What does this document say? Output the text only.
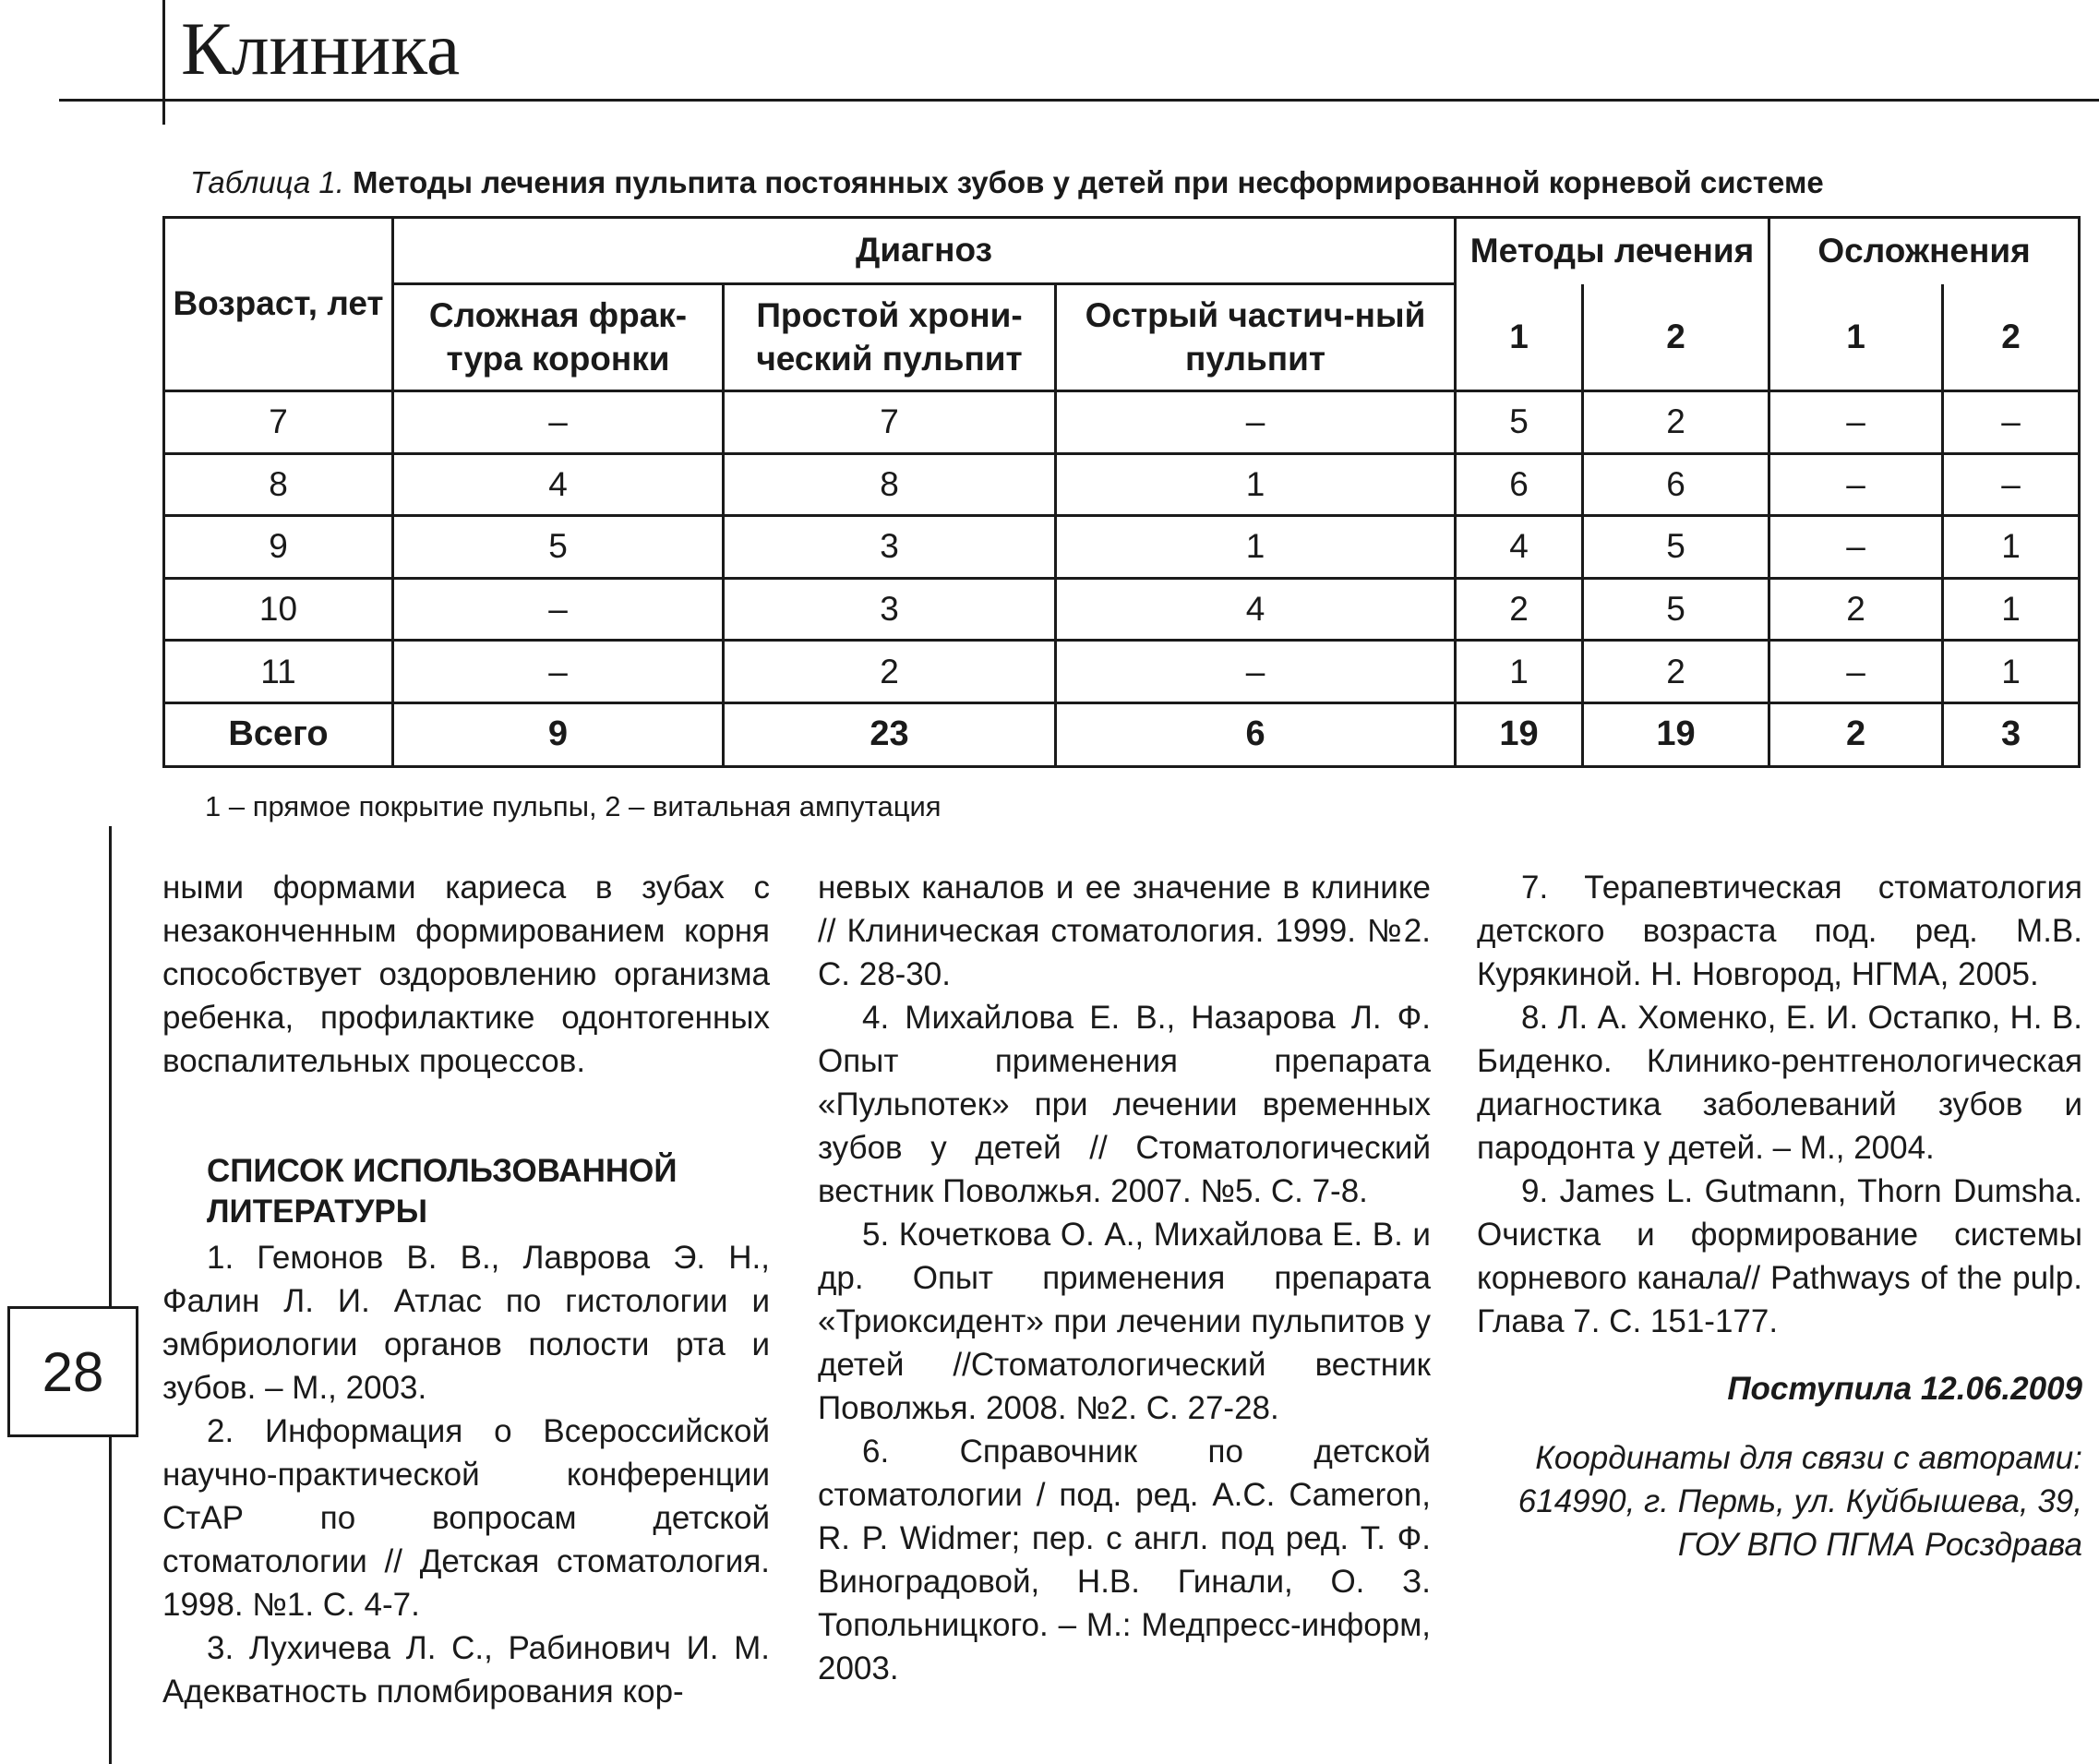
Клиника
Таблица 1. Методы лечения пульпита постоянных зубов у детей при несформированной корневой системе
Возраст, лет	Диагноз			Методы лечения		Осложнения	
	Сложная фрак-тура коронки	Простой хрони-ческий пульпит	Острый частич-ный пульпит	1	2	1	2
7	–	7	–	5	2	–	–
8	4	8	1	6	6	–	–
9	5	3	1	4	5	–	1
10	–	3	4	2	5	2	1
11	–	2	–	1	2	–	1
Всего	9	23	6	19	19	2	3
1 – прямое покрытие пульпы, 2 – витальная ампутация
28

ными формами кариеса в зубах с незаконченным формированием корня способствует оздоровлению организма ребенка, профилактике одонтогенных воспалительных процессов.

СПИСОК ИСПОЛЬЗОВАННОЙ ЛИТЕРАТУРЫ

1. Гемонов В. В., Лаврова Э. Н., Фалин Л. И. Атлас по гистологии и эмбриологии органов полости рта и зубов. – М., 2003.

2. Информация о Всероссийской научно-практической конференции СтАР по вопросам детской стоматологии // Детская стоматология. 1998. №1. С. 4-7.

3. Лухичева Л. С., Рабинович И. М. Адекватность пломбирования кор-

невых каналов и ее значение в клинике // Клиническая стоматология. 1999. №2. С. 28-30.

4. Михайлова Е. В., Назарова Л. Ф. Опыт применения препарата «Пульпотек» при лечении временных зубов у детей // Стоматологический вестник Поволжья. 2007. №5. С. 7-8.

5. Кочеткова О. А., Михайлова Е. В. и др. Опыт применения препарата «Триоксидент» при лечении пульпитов у детей //Стоматологический вестник Поволжья. 2008. №2. С. 27-28.

6. Справочник по детской стоматологии / под. ред. А.С. Cameron, R. P. Widmer; пер. с англ. под ред. Т. Ф. Виноградовой, Н.В. Гинали, О. З. Топольницкого. – М.: Медпресс-информ, 2003.

7. Терапевтическая стоматология детского возраста под. ред. М.В. Курякиной. Н. Новгород, НГМА, 2005.

8. Л. А. Хоменко, Е. И. Остапко, Н. В. Биденко. Клинико-рентгенологическая диагностика заболеваний зубов и пародонта у детей. – М., 2004.

9. James L. Gutmann, Thorn Dumsha. Очистка и формирование системы корневого канала// Pathways of the pulp. Глава 7. С. 151-177.

Поступила 12.06.2009

Координаты для связи с авторами:

614990, г. Пермь, ул. Куйбышева, 39,

ГОУ ВПО ПГМА Росздрава
